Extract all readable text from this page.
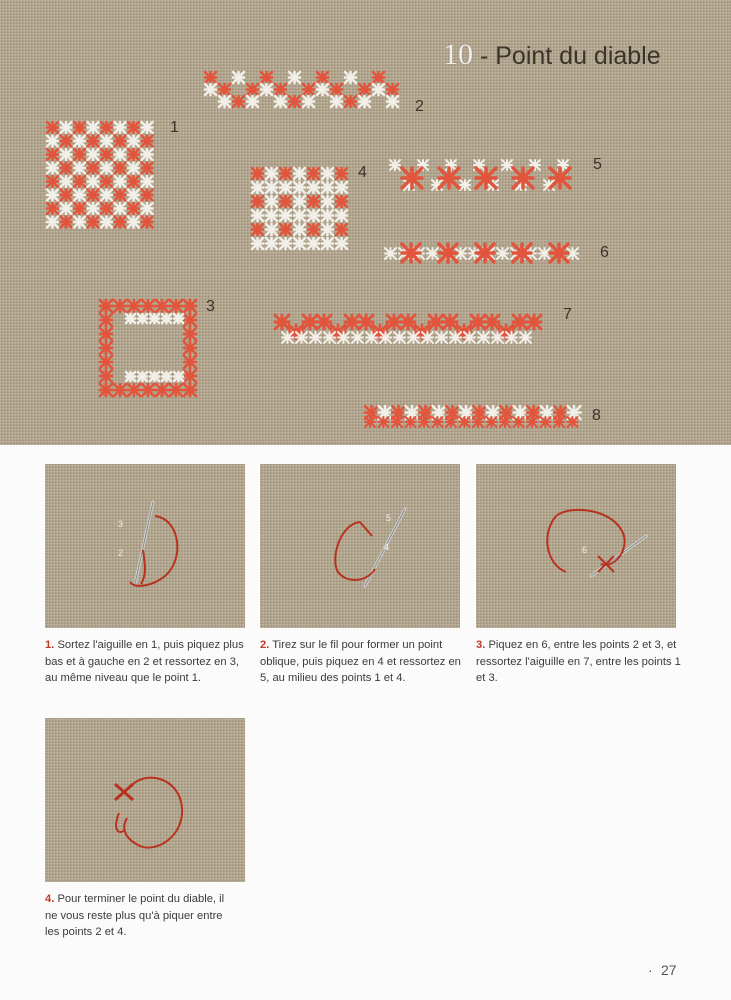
10 - Point du diable
1
2
3
4	5
6
7
8
3
2
5
4	6
1. Sortez l'aiguille en 1, puis piquez plus bas et à gauche en 2 et ressortez en 3, au même niveau que le point 1.
2. Tirez sur le fil pour former un point oblique, puis piquez en 4 et ressortez en 5, au milieu des points 1 et 4.
3. Piquez en 6, entre les points 2 et 3, et ressortez l'aiguille en 7, entre les points 1 et 3.
4. Pour terminer le point du diable, il ne vous reste plus qu'à piquer entre les points 2 et 4.
· 27
